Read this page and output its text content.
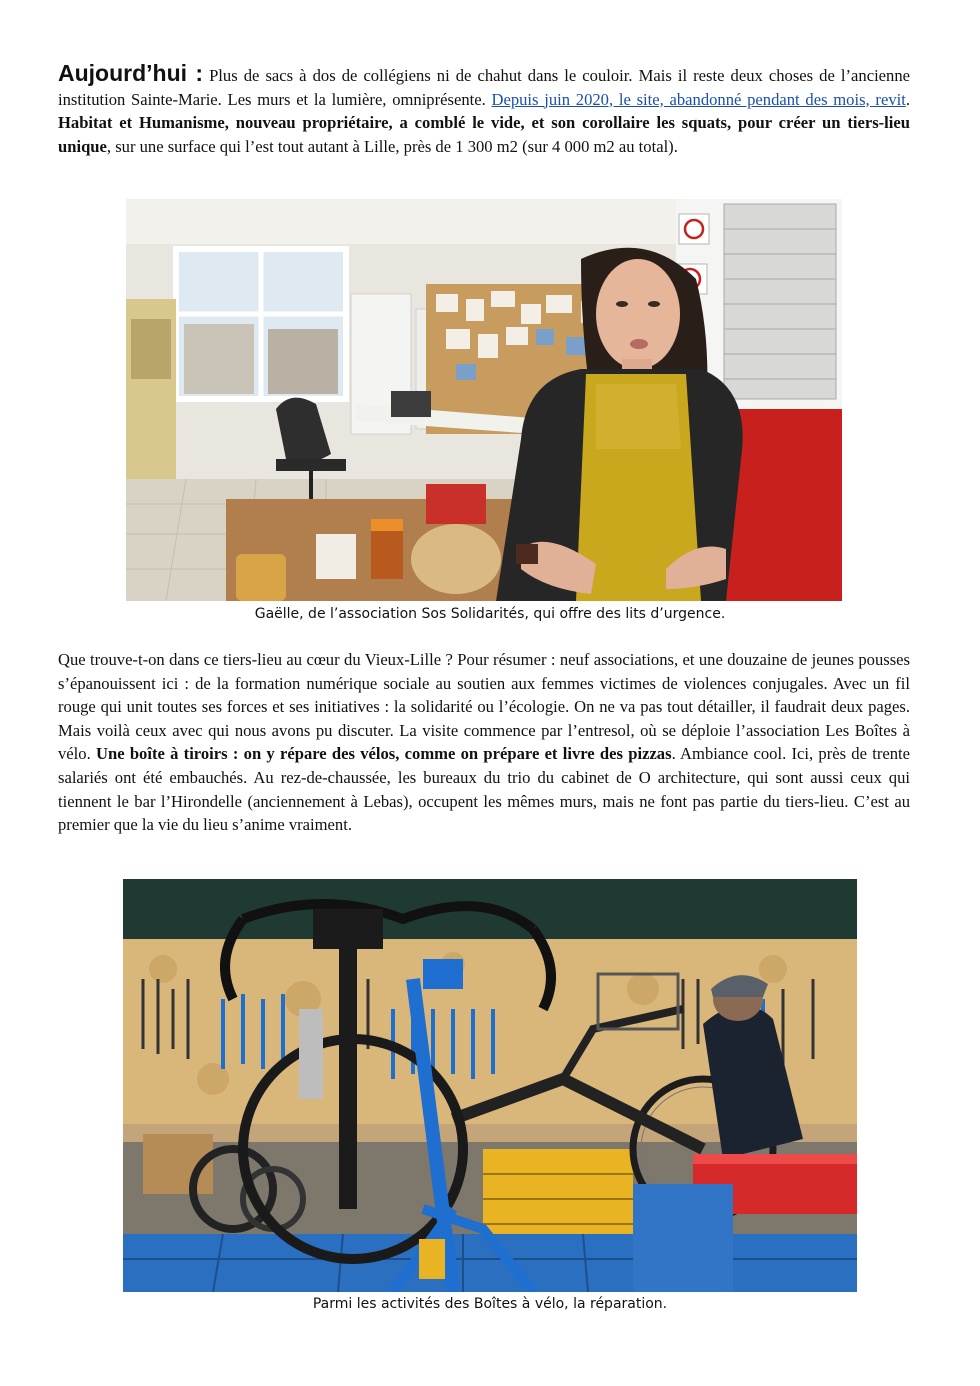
Aujourd’hui : Plus de sacs à dos de collégiens ni de chahut dans le couloir. Mais il reste deux choses de l’ancienne institution Sainte-Marie. Les murs et la lumière, omniprésente. Depuis juin 2020, le site, abandonné pendant des mois, revit. Habitat et Humanisme, nouveau propriétaire, a comblé le vide, et son corollaire les squats, pour créer un tiers-lieu unique, sur une surface qui l’est tout autant à Lille, près de 1 300 m2 (sur 4 000 m2 au total).

Gaëlle, de l’association Sos Solidarités, qui offre des lits d’urgence.

Que trouve-t-on dans ce tiers-lieu au cœur du Vieux-Lille ? Pour résumer : neuf associations, et une douzaine de jeunes pousses s’épanouissent ici : de la formation numérique sociale au soutien aux femmes victimes de violences conjugales. Avec un fil rouge qui unit toutes ses forces et ses initiatives : la solidarité ou l’écologie. On ne va pas tout détailler, il faudrait deux pages. Mais voilà ceux avec qui nous avons pu discuter. La visite commence par l’entresol, où se déploie l’association Les Boîtes à vélo. Une boîte à tiroirs : on y répare des vélos, comme on prépare et livre des pizzas. Ambiance cool. Ici, près de trente salariés ont été embauchés. Au rez-de-chaussée, les bureaux du trio du cabinet de O architecture, qui sont aussi ceux qui tiennent le bar l’Hirondelle (anciennement à Lebas), occupent les mêmes murs, mais ne font pas partie du tiers-lieu. C’est au premier que la vie du lieu s’anime vraiment.

Parmi les activités des Boîtes à vélo, la réparation.
